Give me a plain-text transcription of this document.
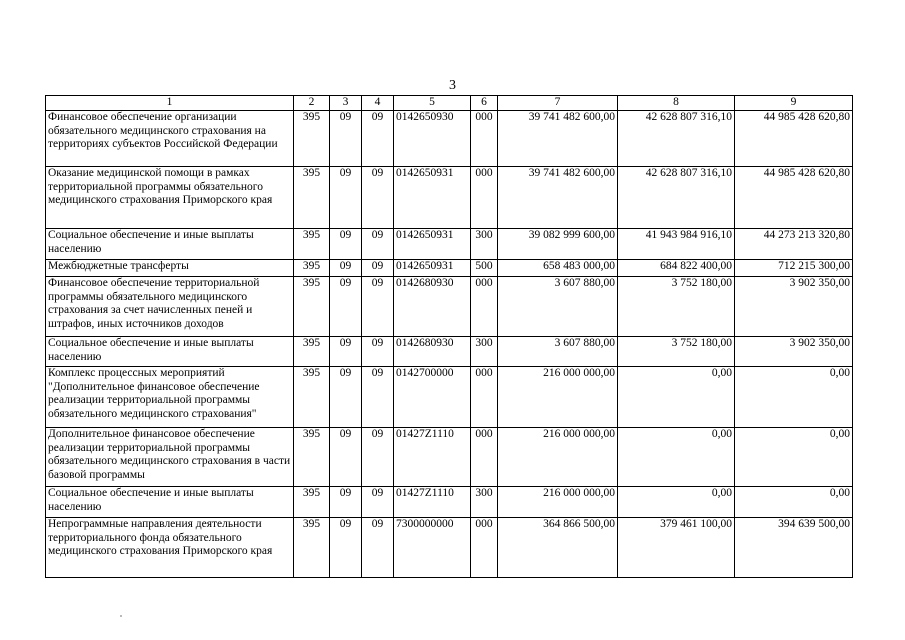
3
1	2	3	4	5	6	7	8	9
Финансовое обеспечение организации обязательного медицинского страхования на территориях субъектов Российской Федерации	395	09	09	0142650930	000	39 741 482 600,00	42 628 807 316,10	44 985 428 620,80
Оказание медицинской помощи в рамках территориальной программы обязательного медицинского страхования Приморского края	395	09	09	0142650931	000	39 741 482 600,00	42 628 807 316,10	44 985 428 620,80
Социальное обеспечение и иные выплаты населению	395	09	09	0142650931	300	39 082 999 600,00	41 943 984 916,10	44 273 213 320,80
Межбюджетные трансферты	395	09	09	0142650931	500	658 483 000,00	684 822 400,00	712 215 300,00
Финансовое обеспечение территориальной программы обязательного медицинского страхования за счет начисленных пеней и штрафов, иных источников доходов	395	09	09	0142680930	000	3 607 880,00	3 752 180,00	3 902 350,00
Социальное обеспечение и иные выплаты населению	395	09	09	0142680930	300	3 607 880,00	3 752 180,00	3 902 350,00
Комплекс процессных мероприятий "Дополнительное финансовое обеспечение реализации территориальной программы обязательного медицинского страхования"	395	09	09	0142700000	000	216 000 000,00	0,00	0,00
Дополнительное финансовое обеспечение реализации территориальной программы обязательного медицинского страхования в части базовой программы	395	09	09	01427Z1110	000	216 000 000,00	0,00	0,00
Социальное обеспечение и иные выплаты населению	395	09	09	01427Z1110	300	216 000 000,00	0,00	0,00
Непрограммные направления деятельности территориального фонда обязательного медицинского страхования Приморского края	395	09	09	7300000000	000	364 866 500,00	379 461 100,00	394 639 500,00
